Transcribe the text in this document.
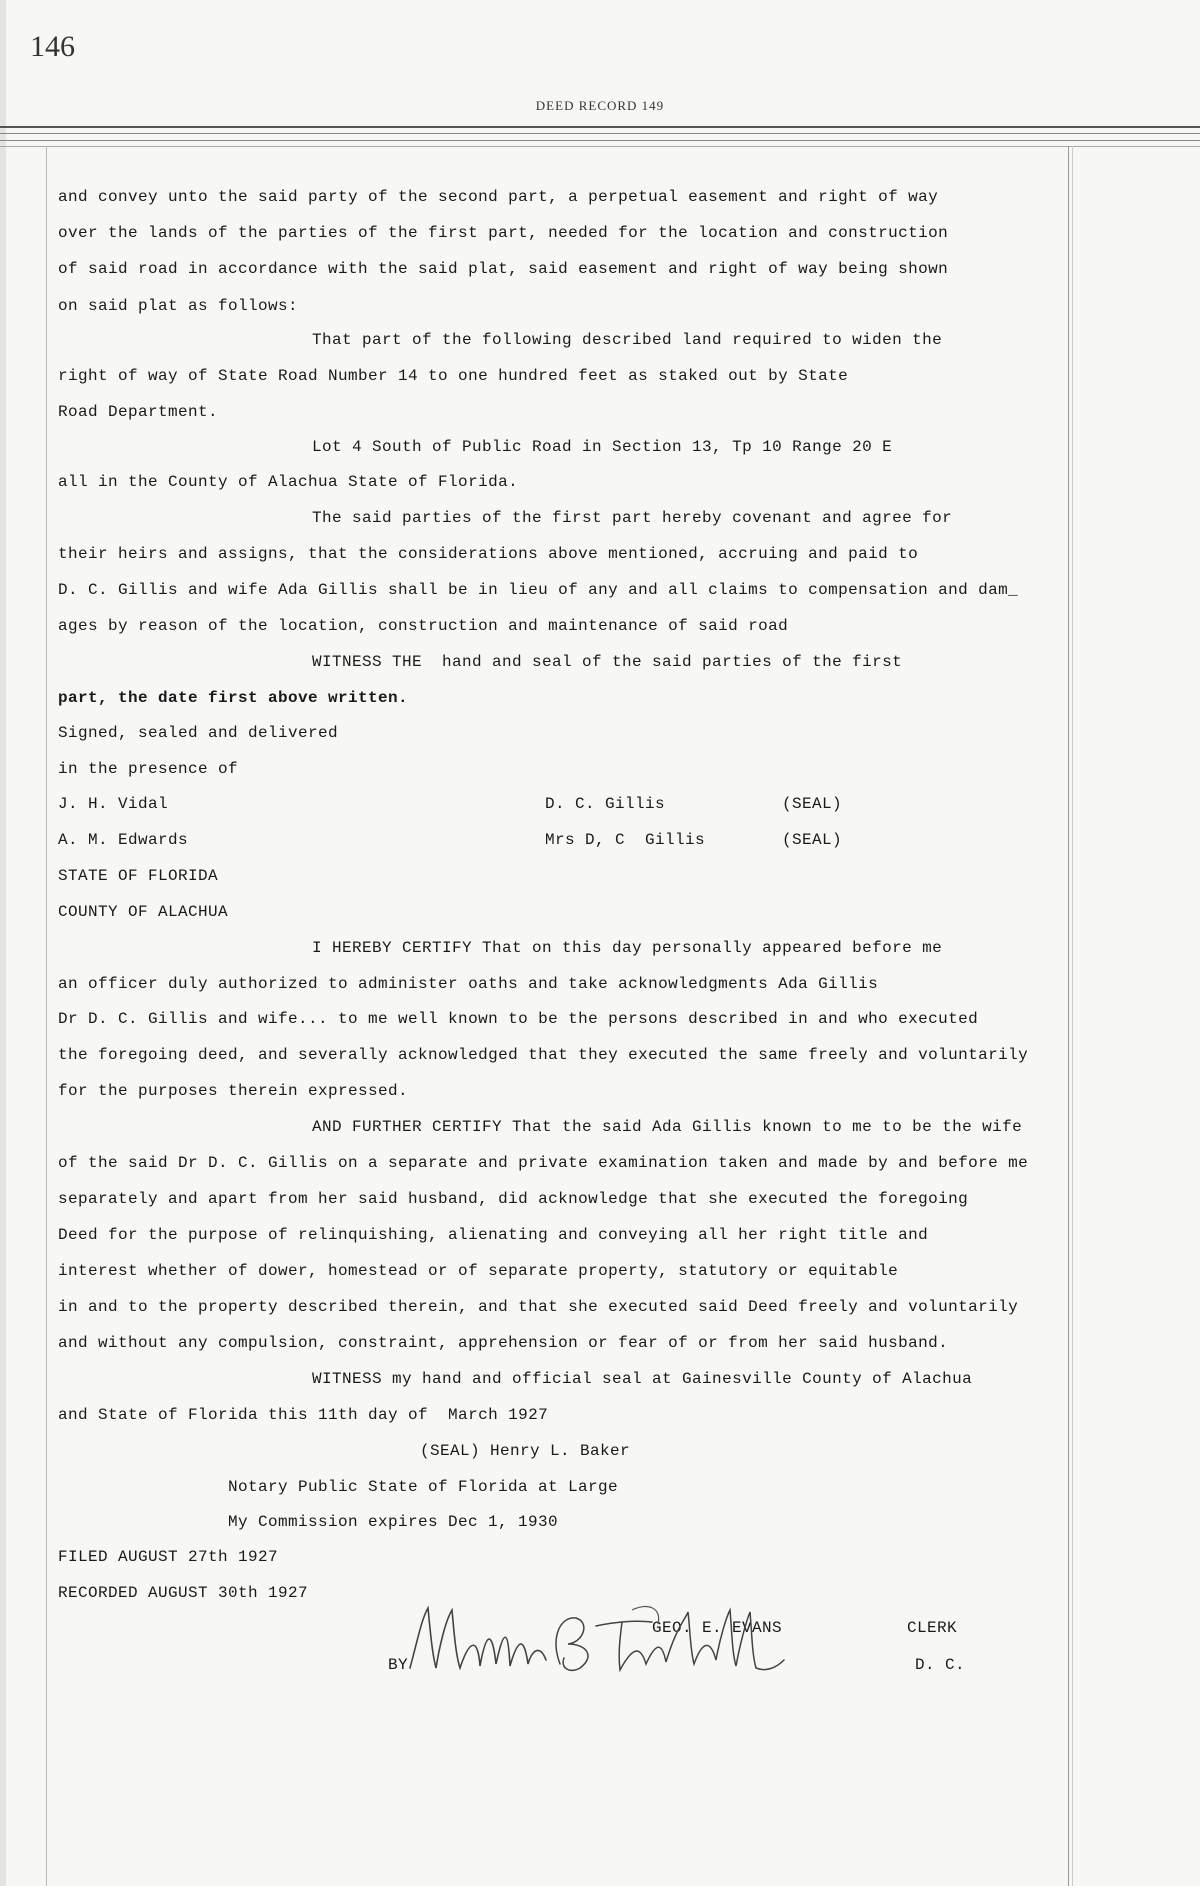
146
DEED RECORD 149
and convey unto the said party of the second part, a perpetual easement and right of way
over the lands of the parties of the first part, needed for the location and construction
of said road in accordance with the said plat, said easement and right of way being shown
on said plat as follows:
That part of the following described land required to widen the
right of way of State Road Number 14 to one hundred feet as staked out by State
Road Department.
Lot 4 South of Public Road in Section 13, Tp 10 Range 20 E
all in the County of Alachua State of Florida.
The said parties of the first part hereby covenant and agree for
their heirs and assigns, that the considerations above mentioned, accruing and paid to
D. C. Gillis and wife Ada Gillis shall be in lieu of any and all claims to compensation and dam_
ages by reason of the location, construction and maintenance of said road
WITNESS THE  hand and seal of the said parties of the first
part, the date first above written.
Signed, sealed and delivered
in the presence of
J. H. Vidal	D. C. Gillis	(SEAL)
A. M. Edwards	Mrs D, C  Gillis	(SEAL)
STATE OF FLORIDA
COUNTY OF ALACHUA
I HEREBY CERTIFY That on this day personally appeared before me
an officer duly authorized to administer oaths and take acknowledgments Ada Gillis
Dr D. C. Gillis and wife... to me well known to be the persons described in and who executed
the foregoing deed, and severally acknowledged that they executed the same freely and voluntarily
for the purposes therein expressed.
AND FURTHER CERTIFY That the said Ada Gillis known to me to be the wife
of the said Dr D. C. Gillis on a separate and private examination taken and made by and before me
separately and apart from her said husband, did acknowledge that she executed the foregoing
Deed for the purpose of relinquishing, alienating and conveying all her right title and
interest whether of dower, homestead or of separate property, statutory or equitable
in and to the property described therein, and that she executed said Deed freely and voluntarily
and without any compulsion, constraint, apprehension or fear of or from her said husband.
WITNESS my hand and official seal at Gainesville County of Alachua
and State of Florida this 11th day of  March 1927
(SEAL) Henry L. Baker
Notary Public State of Florida at Large
My Commission expires Dec 1, 1930
FILED AUGUST 27th 1927
RECORDED AUGUST 30th 1927
GEO. E. EVANS	CLERK
BY	D. C.
